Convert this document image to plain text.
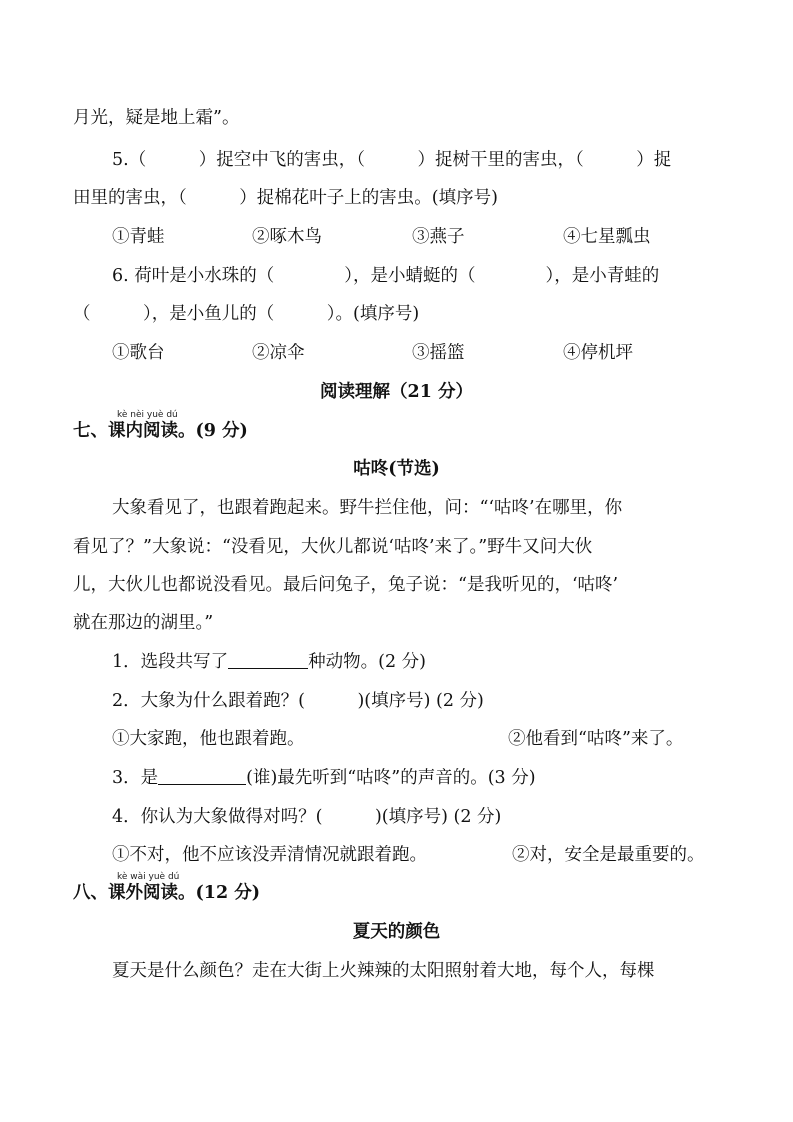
月光，疑是地上霜”。
5.（　　　）捉空中飞的害虫，（　　　）捉树干里的害虫，（　　　）捉
田里的害虫，（　　　）捉棉花叶子上的害虫。(填序号)
①青蛙	②啄木鸟	③燕子	④七星瓢虫
6. 荷叶是小水珠的（　　　　），是小蜻蜓的（　　　　），是小青蛙的
（　　　），是小鱼儿的（　　　）。(填序号)
①歌台	②凉伞	③摇篮	④停机坪
阅读理解（21 分）
kè nèi yuè dú
七、课内阅读。(9 分)
咕咚(节选)
大象看见了，也跟着跑起来。野牛拦住他，问：“‘咕咚’在哪里，你
看见了？”大象说：“没看见，大伙儿都说‘咕咚’来了。”野牛又问大伙
儿，大伙儿也都说没看见。最后问兔子，兔子说：“是我听见的，‘咕咚’
就在那边的湖里。”
1．选段共写了	种动物。(2 分)
2．大象为什么跟着跑？(　　　)(填序号) (2 分)
①大家跑，他也跟着跑。	②他看到“咕咚”来了。
3．是	(谁)最先听到“咕咚”的声音的。(3 分)
4．你认为大象做得对吗？(　　　)(填序号) (2 分)
①不对，他不应该没弄清情况就跟着跑。	②对，安全是最重要的。
kè wài yuè dú
八、课外阅读。(12 分)
夏天的颜色
夏天是什么颜色？走在大街上火辣辣的太阳照射着大地，每个人，每棵
